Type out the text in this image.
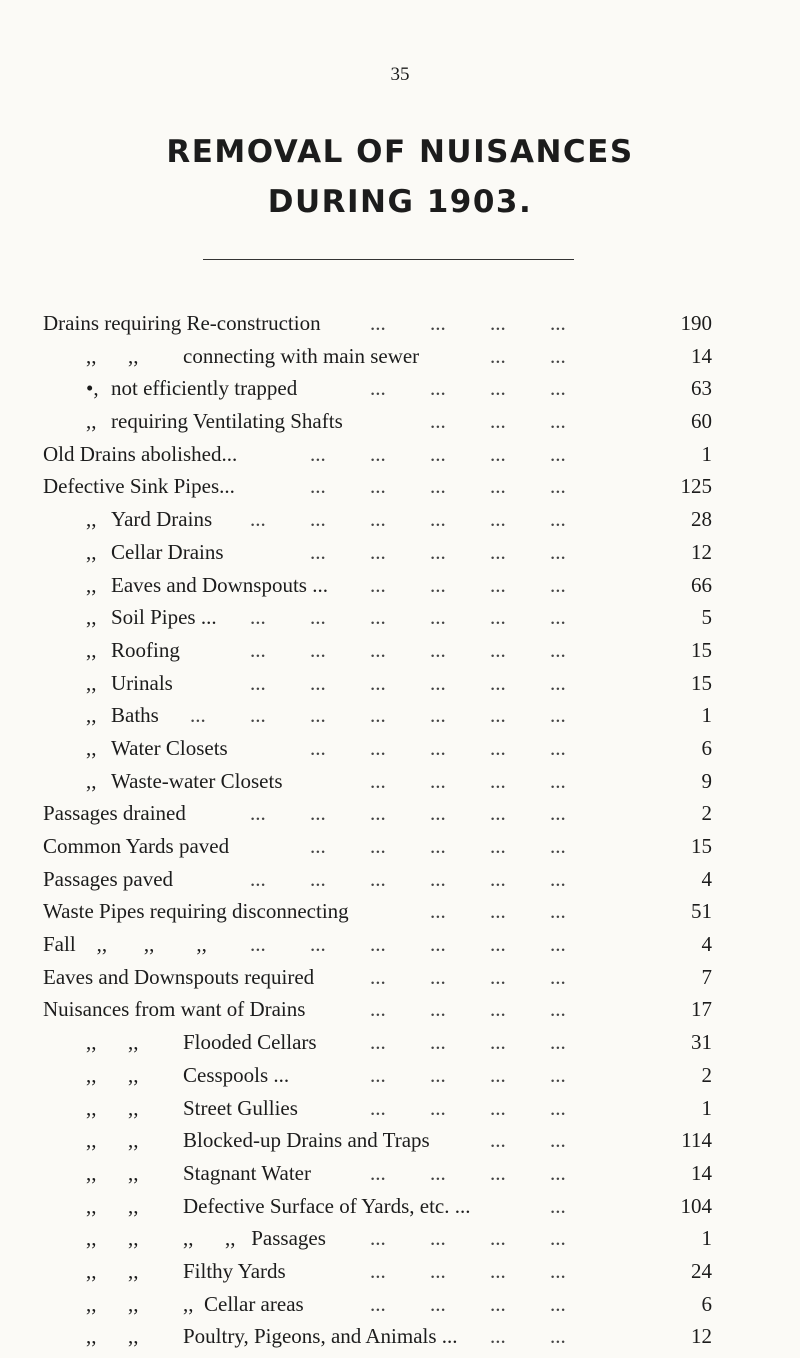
35
REMOVAL OF NUISANCES
DURING 1903.
Drains requiring Re-construction	190
... ... ... ...
,,      ,, connecting with main sewer	14
... ...
•, not efficiently trapped	63
... ... ... ...
,, requiring Ventilating Shafts	60
... ... ...
Old Drains abolished...	1
... ... ... ... ...
Defective Sink Pipes...	125
... ... ... ... ...
,, Yard Drains	28
... ... ... ... ... ...
,, Cellar Drains	12
... ... ... ... ...
,, Eaves and Downspouts ...	66
... ... ... ...
,, Soil Pipes ...	5
... ... ... ... ... ...
,, Roofing	15
... ... ... ... ... ...
,, Urinals	15
... ... ... ... ... ...
,, Baths	1
... ... ... ... ... ... ...
,, Water Closets	6
... ... ... ... ...
,, Waste-water Closets	9
... ... ... ...
Passages drained	2
... ... ... ... ... ...
Common Yards paved	15
... ... ... ... ...
Passages paved	4
... ... ... ... ... ...
Waste Pipes requiring disconnecting	51
... ... ...
Fall    ,,       ,,        ,,	4
... ... ... ... ... ...
Eaves and Downspouts required	7
... ... ... ...
Nuisances from want of Drains	17
... ... ... ...
,,      ,, Flooded Cellars	31
... ... ... ...
,,      ,, Cesspools ...	2
... ... ... ...
,,      ,, Street Gullies	1
... ... ... ...
,,      ,, Blocked-up Drains and Traps	114
... ...
,,      ,, Stagnant Water	14
... ... ... ...
,,      ,, Defective Surface of Yards, etc. ...	104
...
,,      ,, ,,      ,,   Passages	1
... ... ... ...
,,      ,, Filthy Yards	24
... ... ... ...
,,      ,, ,,  Cellar areas	6
... ... ... ...
,,      ,, Poultry, Pigeons, and Animals ...	12
... ...
